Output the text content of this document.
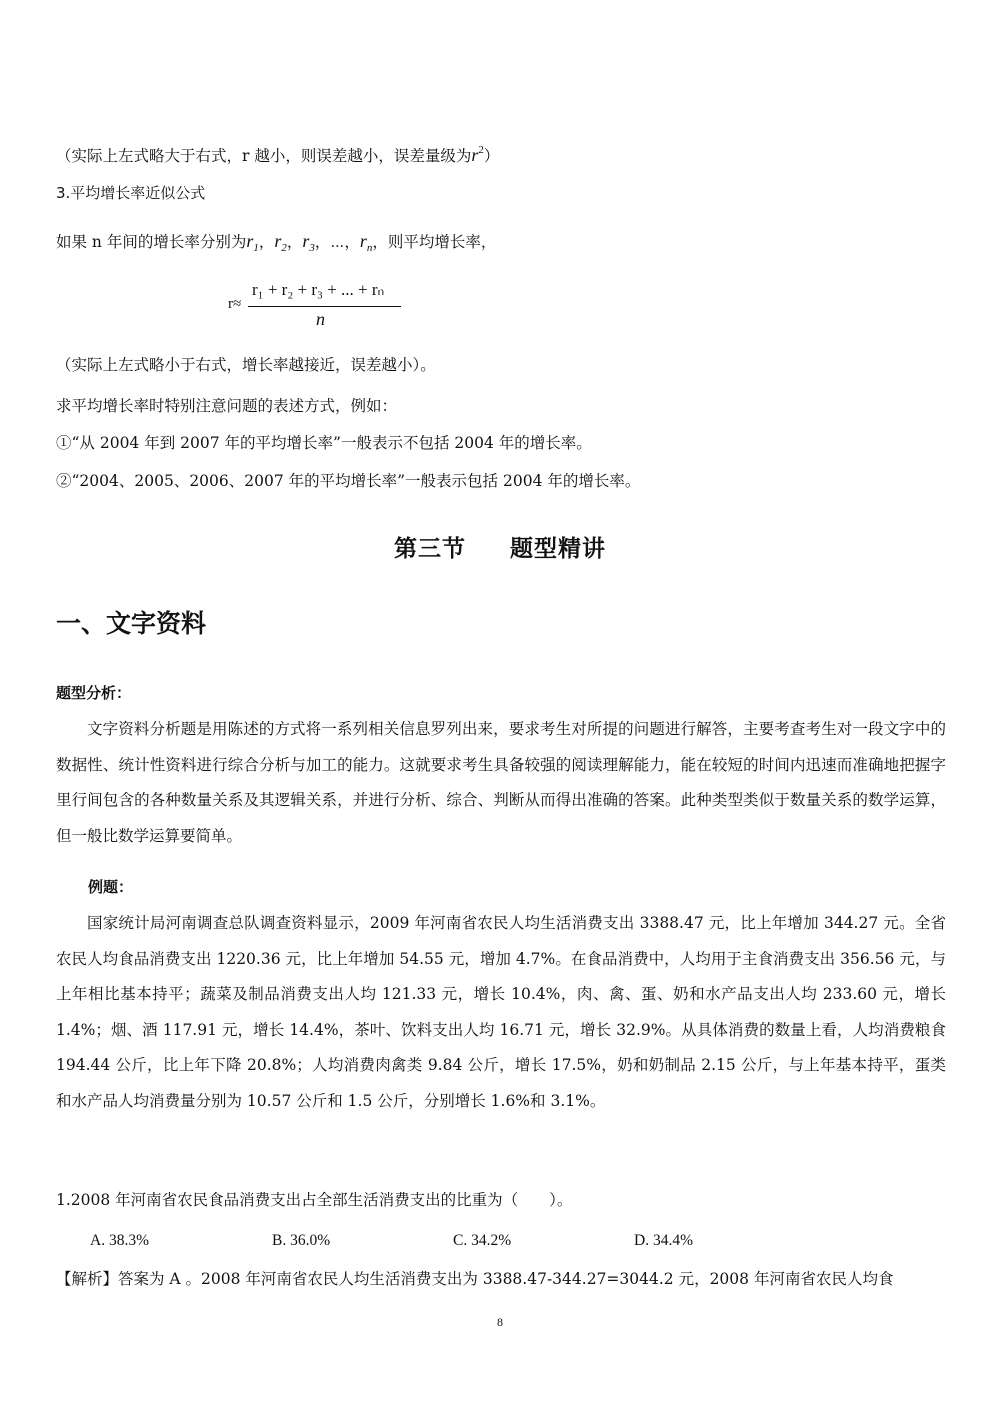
（实际上左式略大于右式，r 越小，则误差越小，误差量级为$r^2$）
3.平均增长率近似公式
如果 n 年间的增长率分别为$r_1$，$r_2$，$r_3$，⋯，$r_n$，则平均增长率，
r≈
r₁ + r₂ + r₃ + ... + rₙ
n
（实际上左式略小于右式，增长率越接近，误差越小）。
求平均增长率时特别注意问题的表述方式，例如：
①“从 2004 年到 2007 年的平均增长率”一般表示不包括 2004 年的增长率。
②“2004、2005、2006、2007 年的平均增长率”一般表示包括 2004 年的增长率。
第三节 题型精讲
一、文字资料
题型分析：

文字资料分析题是用陈述的方式将一系列相关信息罗列出来，要求考生对所提的问题进行解答，主要考查考生对一段文字中的数据性、统计性资料进行综合分析与加工的能力。这就要求考生具备较强的阅读理解能力，能在较短的时间内迅速而准确地把握字里行间包含的各种数量关系及其逻辑关系，并进行分析、综合、判断从而得出准确的答案。此种类型类似于数量关系的数学运算，但一般比数学运算要简单。

例题：

国家统计局河南调查总队调查资料显示，2009 年河南省农民人均生活消费支出 3388.47 元，比上年增加 344.27 元。全省农民人均食品消费支出 1220.36 元，比上年增加 54.55 元，增加 4.7%。在食品消费中，人均用于主食消费支出 356.56 元，与上年相比基本持平；蔬菜及制品消费支出人均 121.33 元，增长 10.4%，肉、禽、蛋、奶和水产品支出人均 233.60 元，增长 1.4%；烟、酒 117.91 元，增长 14.4%，茶叶、饮料支出人均 16.71 元，增长 32.9%。从具体消费的数量上看，人均消费粮食 194.44 公斤，比上年下降 20.8%；人均消费肉禽类 9.84 公斤，增长 17.5%，奶和奶制品 2.15 公斤，与上年基本持平，蛋类和水产品人均消费量分别为 10.57 公斤和 1.5 公斤，分别增长 1.6%和 3.1%。

1.2008 年河南省农民食品消费支出占全部生活消费支出的比重为（　　）。
A. 38.3%	B. 36.0%	C. 34.2%	D. 34.4%
【解析】答案为 A 。2008 年河南省农民人均生活消费支出为 3388.47-344.27=3044.2 元，2008 年河南省农民人均食
8
